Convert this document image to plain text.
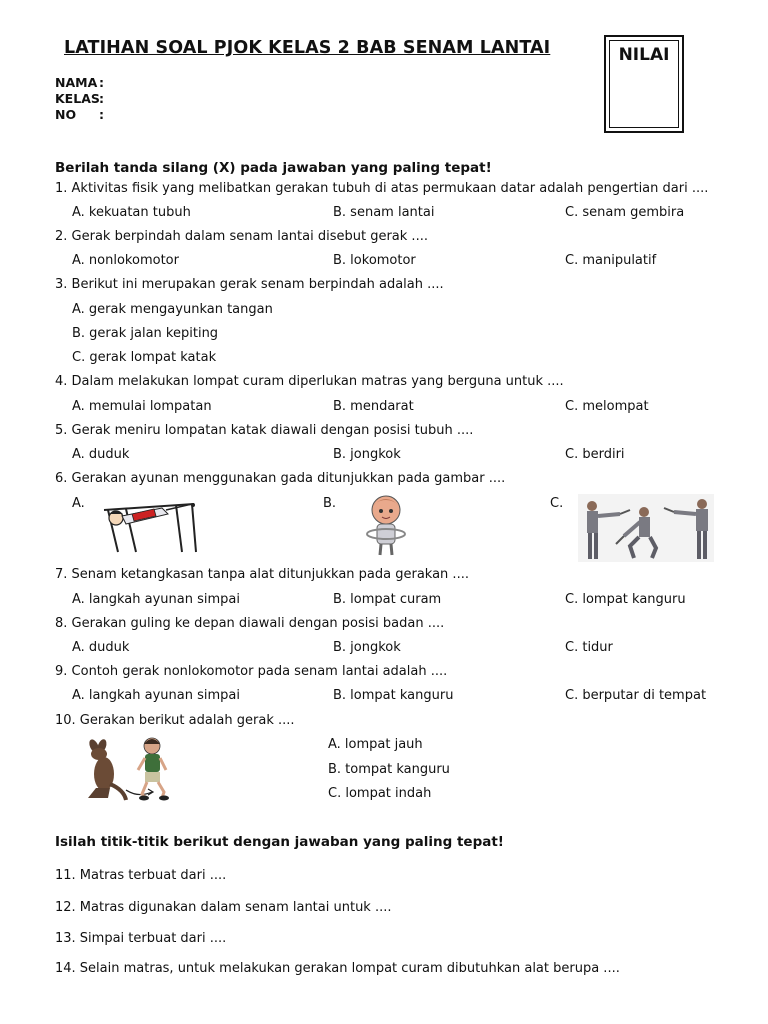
LATIHAN SOAL PJOK KELAS 2 BAB SENAM LANTAI	NILAI
NAMA :
KELAS:
NO :
Berilah tanda silang (X) pada jawaban yang paling tepat!
1. Aktivitas fisik yang melibatkan gerakan tubuh di atas permukaan datar adalah pengertian dari ....
A. kekuatan tubuh	B. senam lantai	C. senam gembira
2. Gerak berpindah dalam senam lantai disebut gerak ....
A. nonlokomotor	B. lokomotor	C. manipulatif
3. Berikut ini merupakan gerak senam berpindah adalah ....
A. gerak mengayunkan tangan
B. gerak jalan kepiting
C. gerak lompat katak
4. Dalam melakukan lompat curam diperlukan matras yang berguna untuk ....
A. memulai lompatan	B. mendarat	C. melompat
5. Gerak meniru lompatan katak diawali dengan posisi tubuh ....
A. duduk	B. jongkok	C. berdiri
6. Gerakan ayunan menggunakan gada ditunjukkan pada gambar ....
A.	B.	C.
7. Senam ketangkasan tanpa alat ditunjukkan pada gerakan ....
A. langkah ayunan simpai	B. lompat curam	C. lompat kanguru
8. Gerakan guling ke depan diawali dengan posisi badan ....
A. duduk	B. jongkok	C. tidur
9. Contoh gerak nonlokomotor pada senam lantai adalah ....
A. langkah ayunan simpai	B. lompat kanguru	C. berputar di tempat
10. Gerakan berikut adalah gerak ....
A. lompat jauh
B. tompat kanguru
C. lompat indah
Isilah titik-titik berikut dengan jawaban yang paling tepat!
11. Matras terbuat dari ....
12. Matras digunakan dalam senam lantai untuk ....
13. Simpai terbuat dari ....
14. Selain matras, untuk melakukan gerakan lompat curam dibutuhkan alat berupa ....
